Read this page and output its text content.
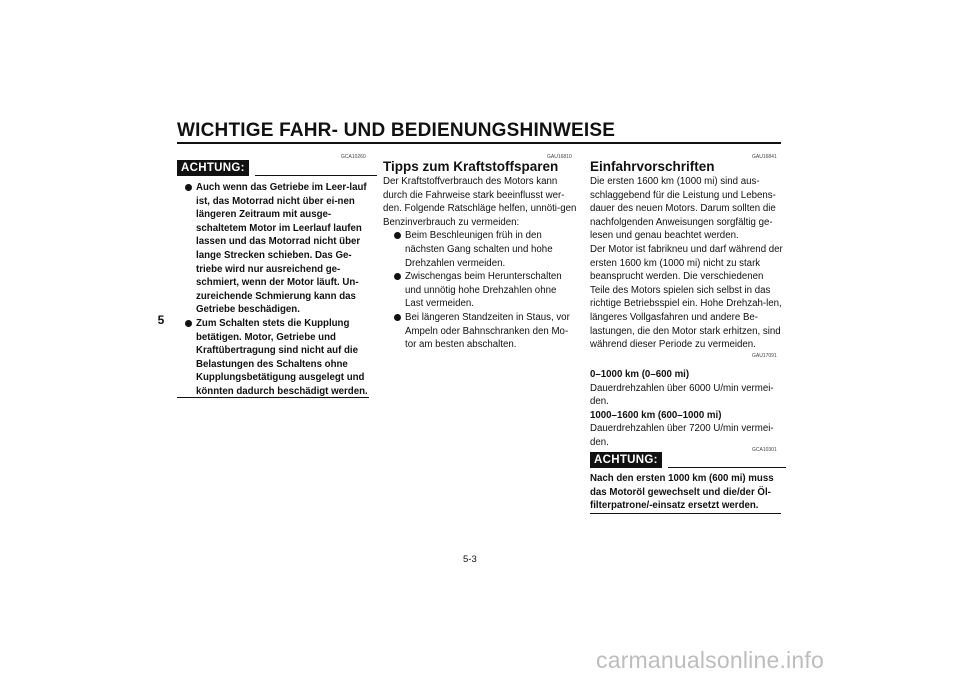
WICHTIGE FAHR- UND BEDIENUNGSHINWEISE
5
GCA10260
ACHTUNG:
Auch wenn das Getriebe im Leer-lauf ist, das Motorrad nicht über ei-nen längeren Zeitraum mit ausge-schaltetem Motor im Leerlauf laufen lassen und das Motorrad nicht über lange Strecken schieben. Das Ge-triebe wird nur ausreichend ge-schmiert, wenn der Motor läuft. Un-zureichende Schmierung kann das Getriebe beschädigen.
Zum Schalten stets die Kupplung betätigen. Motor, Getriebe und Kraftübertragung sind nicht auf die Belastungen des Schaltens ohne Kupplungsbetätigung ausgelegt und könnten dadurch beschädigt werden.
GAU16810
Tipps zum Kraftstoffsparen

Der Kraftstoffverbrauch des Motors kann durch die Fahrweise stark beeinflusst wer-den. Folgende Ratschläge helfen, unnöti-gen Benzinverbrauch zu vermeiden:

Beim Beschleunigen früh in den nächsten Gang schalten und hohe Drehzahlen vermeiden.
Zwischengas beim Herunterschalten und unnötig hohe Drehzahlen ohne Last vermeiden.
Bei längeren Standzeiten in Staus, vor Ampeln oder Bahnschranken den Mo-tor am besten abschalten.
GAU16841
Einfahrvorschriften

Die ersten 1600 km (1000 mi) sind aus-schlaggebend für die Leistung und Lebens-dauer des neuen Motors. Darum sollten die nachfolgenden Anweisungen sorgfältig ge-lesen und genau beachtet werden.

Der Motor ist fabrikneu und darf während der ersten 1600 km (1000 mi) nicht zu stark beansprucht werden. Die verschiedenen Teile des Motors spielen sich selbst in das richtige Betriebsspiel ein. Hohe Drehzah-len, längeres Vollgasfahren und andere Be-lastungen, die den Motor stark erhitzen, sind während dieser Periode zu vermeiden.

GAU17091

0–1000 km (0–600 mi)

Dauerdrehzahlen über 6000 U/min vermei-den.

1000–1600 km (600–1000 mi)

Dauerdrehzahlen über 7200 U/min vermei-den.

GCA10301
ACHTUNG:

Nach den ersten 1000 km (600 mi) muss das Motoröl gewechselt und die/der Öl-filterpatrone/-einsatz ersetzt werden.

5-3
carmanualsonline.info
